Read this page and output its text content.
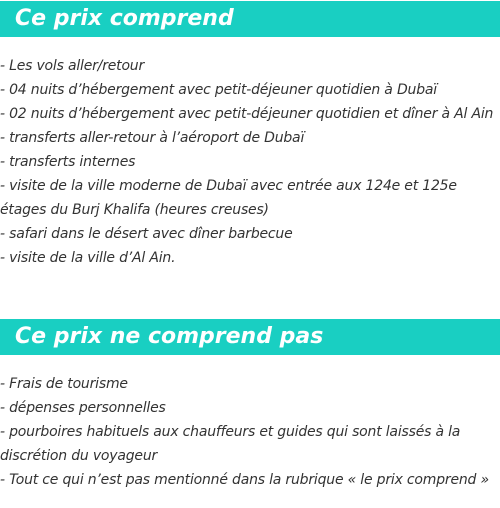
Ce prix comprend
- Les vols aller/retour
- 04 nuits d’hébergement avec petit-déjeuner quotidien à Dubaï
- 02 nuits d’hébergement avec petit-déjeuner quotidien et dîner à Al Ain
- transferts aller-retour à l’aéroport de Dubaï
- transferts internes
- visite de la ville moderne de Dubaï avec entrée aux 124e et 125e étages du Burj Khalifa (heures creuses)
- safari dans le désert avec dîner barbecue
- visite de la ville d’Al Ain.
Ce prix ne comprend pas
- Frais de tourisme
- dépenses personnelles
- pourboires habituels aux chauffeurs et guides qui sont laissés à la discrétion du voyageur
- Tout ce qui n’est pas mentionné dans la rubrique « le prix comprend »
